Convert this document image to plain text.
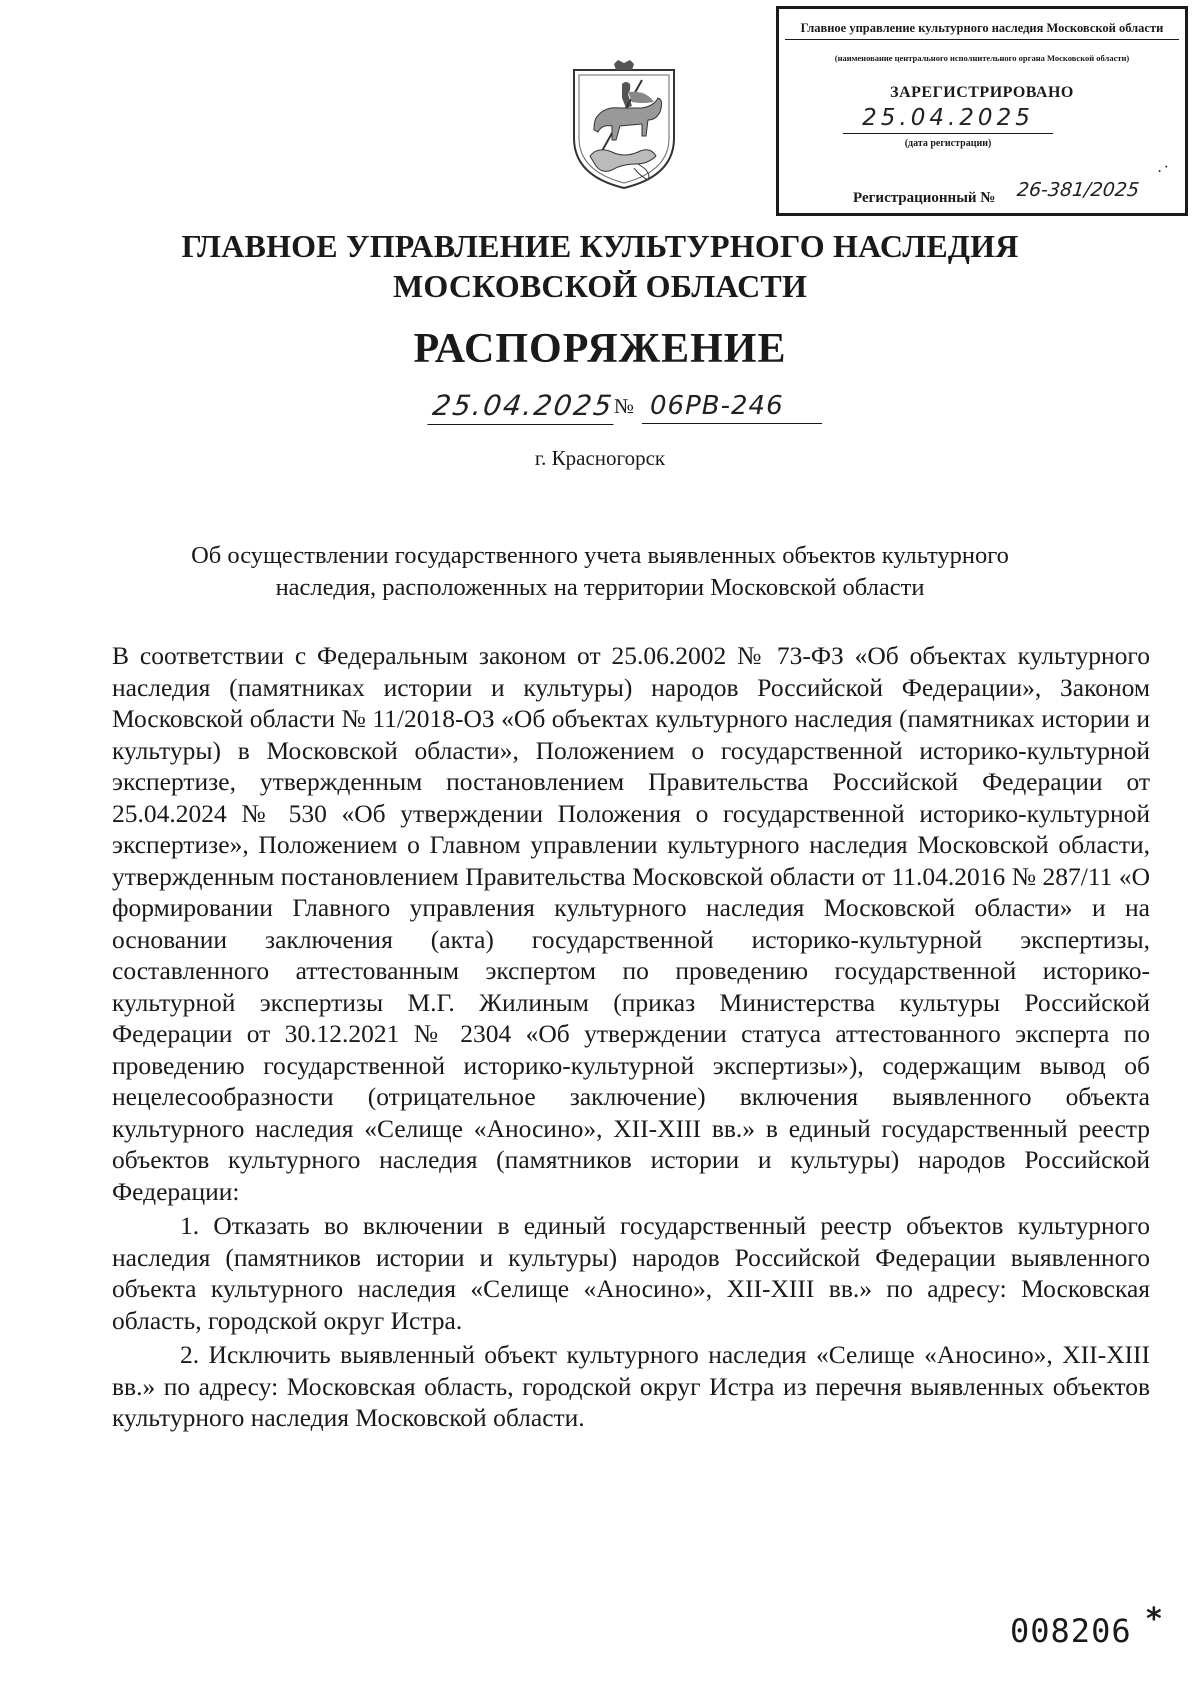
Главное управление культурного наследия Московской области
(наименование центрального исполнительного органа Московской области)
ЗАРЕГИСТРИРОВАНО
25.04.2025
(дата регистрации)
.·
Регистрационный № 26-381/2025
ГЛАВНОЕ УПРАВЛЕНИЕ КУЛЬТУРНОГО НАСЛЕДИЯ
МОСКОВСКОЙ ОБЛАСТИ
РАСПОРЯЖЕНИЕ
25.04.2025
№ 06РВ-246
г. Красногорск
Об осуществлении государственного учета выявленных объектов культурного
наследия, расположенных на территории Московской области

В соответствии с Федеральным законом от 25.06.2002 № 73-ФЗ «Об объектах культурного наследия (памятниках истории и культуры) народов Российской Федерации», Законом Московской области № 11/2018-ОЗ «Об объектах культурного наследия (памятниках истории и культуры) в Московской области», Положением о государственной историко-культурной экспертизе, утвержденным постановлением Правительства Российской Федерации от 25.04.2024 № 530 «Об утверждении Положения о государственной историко-культурной экспертизе», Положением о Главном управлении культурного наследия Московской области, утвержденным постановлением Правительства Московской области от 11.04.2016 № 287/11 «О формировании Главного управления культурного наследия Московской области» и на основании заключения (акта) государственной историко-культурной экспертизы, составленного аттестованным экспертом по проведению государственной историко-культурной экспертизы М.Г. Жилиным (приказ Министерства культуры Российской Федерации от 30.12.2021 № 2304 «Об утверждении статуса аттестованного эксперта по проведению государственной историко-культурной экспертизы»), содержащим вывод об нецелесообразности (отрицательное заключение) включения выявленного объекта культурного наследия «Селище «Аносино», XII-XIII вв.» в единый государственный реестр объектов культурного наследия (памятников истории и культуры) народов Российской Федерации:

1. Отказать во включении в единый государственный реестр объектов культурного наследия (памятников истории и культуры) народов Российской Федерации выявленного объекта культурного наследия «Селище «Аносино», XII-XIII вв.» по адресу: Московская область, городской округ Истра.

2. Исключить выявленный объект культурного наследия «Селище «Аносино», XII-XIII вв.» по адресу: Московская область, городской округ Истра из перечня выявленных объектов культурного наследия Московской области.

008206 *
